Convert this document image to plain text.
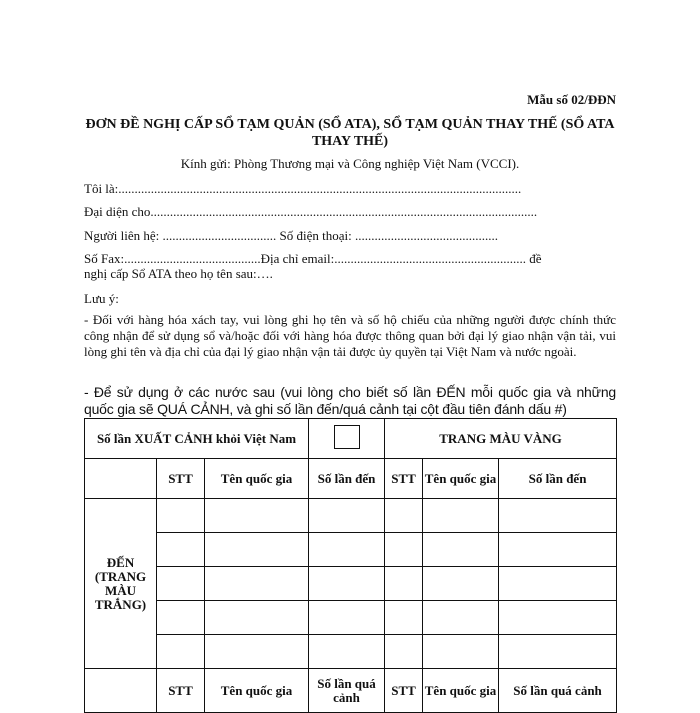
Mẫu số 02/ĐĐN
ĐƠN ĐỀ NGHỊ CẤP SỔ TẠM QUẢN (SỔ ATA), SỔ TẠM QUẢN THAY THẾ (SỔ ATA THAY THẾ)
Kính gửi: Phòng Thương mại và Công nghiệp Việt Nam (VCCI).
Tôi là:............................................................................................................................
Đại diện cho.......................................................................................................................
Người liên hệ: ................................... Số điện thoại: ............................................
Số Fax:..........................................Địa chỉ email:........................................................... đề
nghị cấp Sổ ATA theo họ tên sau:….
Lưu ý:
- Đối với hàng hóa xách tay, vui lòng ghi họ tên và số hộ chiếu của những người được chính thức công nhận để sử dụng sổ và/hoặc đối với hàng hóa được thông quan bởi đại lý giao nhận vận tải, vui lòng ghi tên và địa chỉ của đại lý giao nhận vận tải được ủy quyền tại Việt Nam và nước ngoài.
- Để sử dụng ở các nước sau (vui lòng cho biết số lần ĐẾN mỗi quốc gia và những quốc gia sẽ QUÁ CẢNH, và ghi số lần đến/quá cảnh tại cột đầu tiên đánh dấu #)
Số lần XUẤT CẢNH khỏi Việt Nam				TRANG MÀU VÀNG		
	STT	Tên quốc gia	Số lần đến	STT	Tên quốc gia	Số lần đến
ĐẾN (TRANG MÀU TRẮNG)						

	STT	Tên quốc gia	Số lần quá cảnh	STT	Tên quốc gia	Số lần quá cảnh
